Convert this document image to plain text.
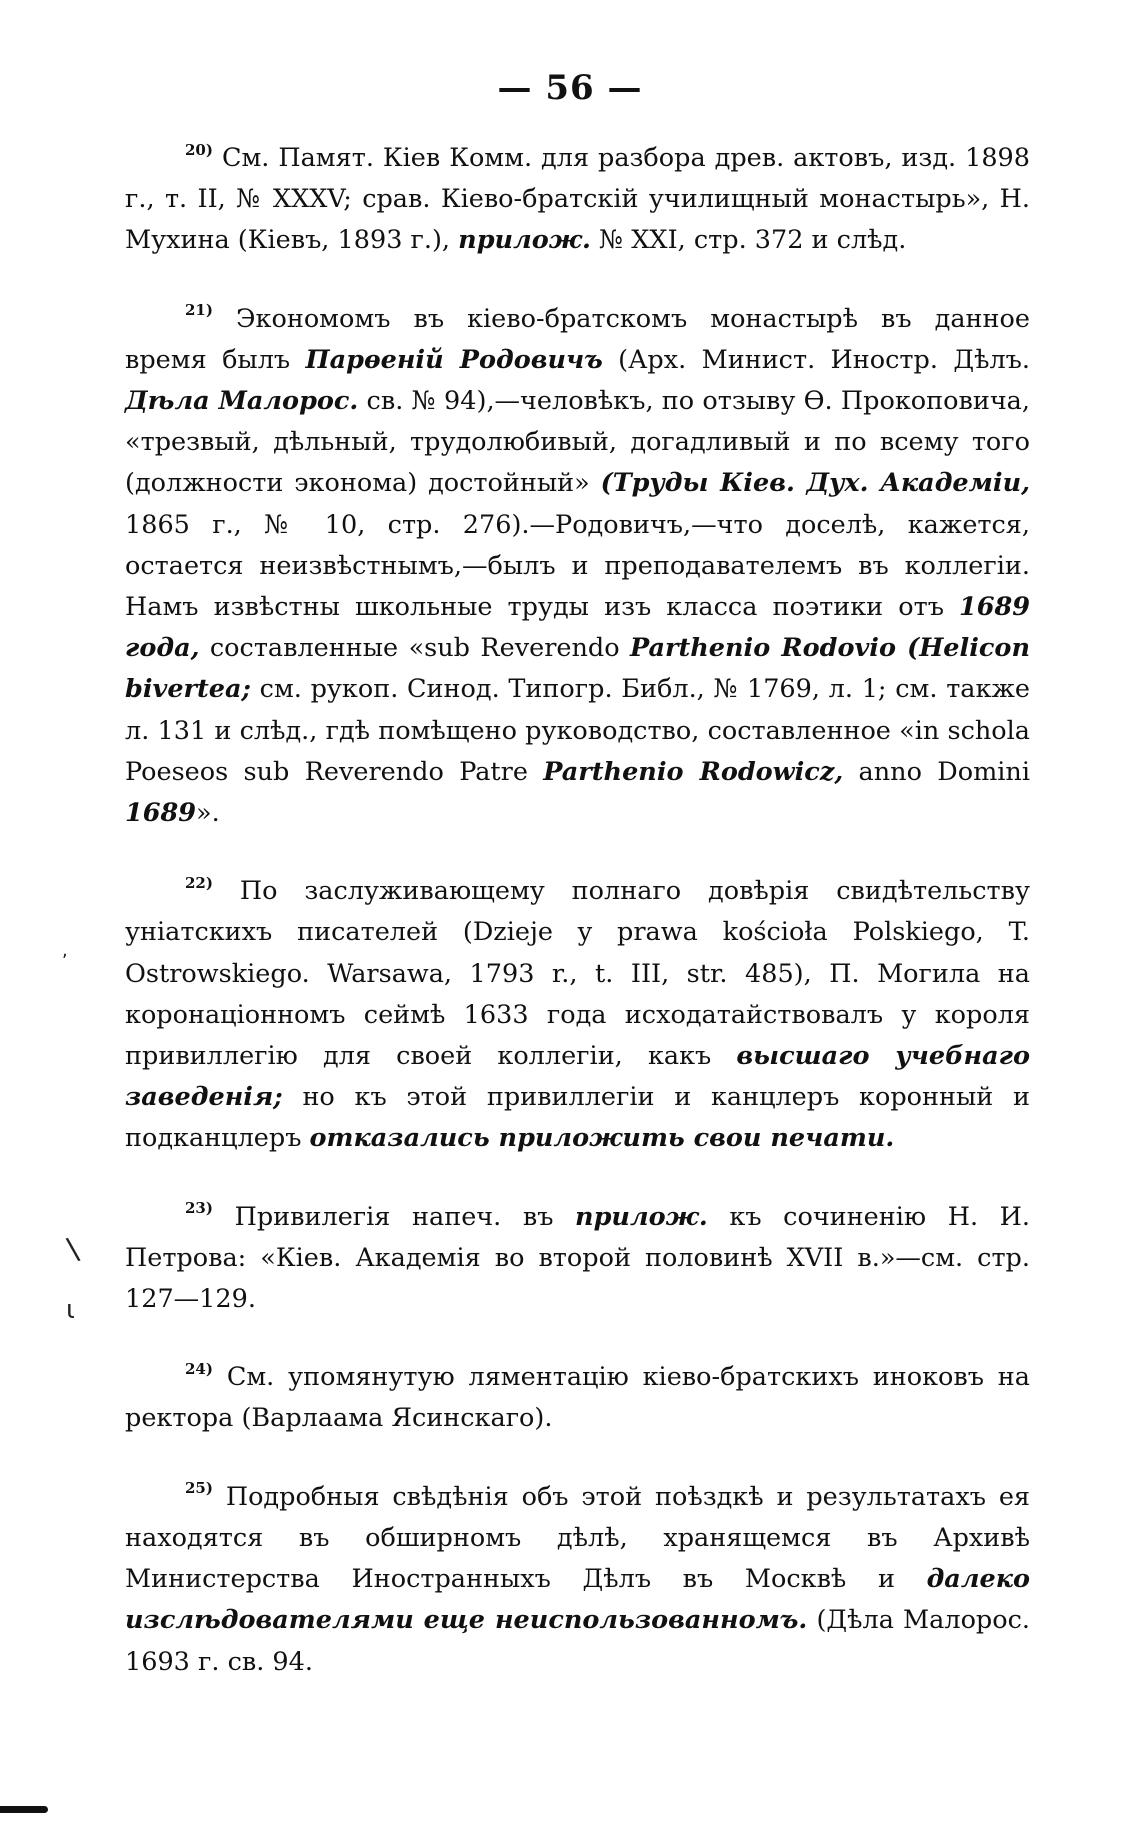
— 56 —
,
\
ɩ

$^{20)}$ См. Памят. Кіев Комм. для разбора древ. актовъ, изд. 1898 г., т. II, № XXXV; срав. Кіево-братскій училищный монастырь», Н. Мухина (Кіевъ, 1893 г.), прилож. № XXI, стр. 372 и слѣд.

$^{21)}$ Экономомъ въ кіево-братскомъ монастырѣ въ данное время былъ Парѳеній Родовичъ (Арх. Минист. Иностр. Дѣлъ. Дѣла Малорос. св. № 94),—человѣкъ, по отзыву Ѳ. Прокоповича, «трезвый, дѣльный, трудолюбивый, догадливый и по всему того (должности эконома) достойный» (Труды Кіев. Дух. Академіи, 1865 г., № 10, стр. 276).—Родовичъ,—что доселѣ, кажется, остается неизвѣстнымъ,—былъ и преподавателемъ въ коллегіи. Намъ извѣстны школьные труды изъ класса поэтики отъ 1689 года, составленные «sub Reverendo Parthenio Rodovio (Helicon bivertea; см. рукоп. Синод. Типогр. Библ., № 1769, л. 1; см. также л. 131 и слѣд., гдѣ помѣщено руководство, составленное «in schola Poeseos sub Reverendo Patre Parthenio Rodowicz, anno Domini 1689».

$^{22)}$ По заслуживающему полнаго довѣрія свидѣтельству уніатскихъ писателей (Dzieje y prawa kościoła Polskiego, T. Ostrowskiego. Warsawa, 1793 r., t. III, str. 485), П. Могила на коронаціонномъ сеймѣ 1633 года исходатайствовалъ у короля привиллегію для своей коллегіи, какъ высшаго учебнаго заведенія; но къ этой привиллегіи и канцлеръ коронный и подканцлеръ отказались приложить свои печати.

$^{23)}$ Привилегія напеч. въ прилож. къ сочиненію Н. И. Петрова: «Кіев. Академія во второй половинѣ XVII в.»—см. стр. 127—129.

$^{24)}$ См. упомянутую ляментацію кіево-братскихъ иноковъ на ректора (Варлаама Ясинскаго).

$^{25)}$ Подробныя свѣдѣнія объ этой поѣздкѣ и результатахъ ея находятся въ обширномъ дѣлѣ, хранящемся въ Архивѣ Министерства Иностранныхъ Дѣлъ въ Москвѣ и далеко изслѣдователями еще неиспользованномъ. (Дѣла Малорос. 1693 г. св. 94.
